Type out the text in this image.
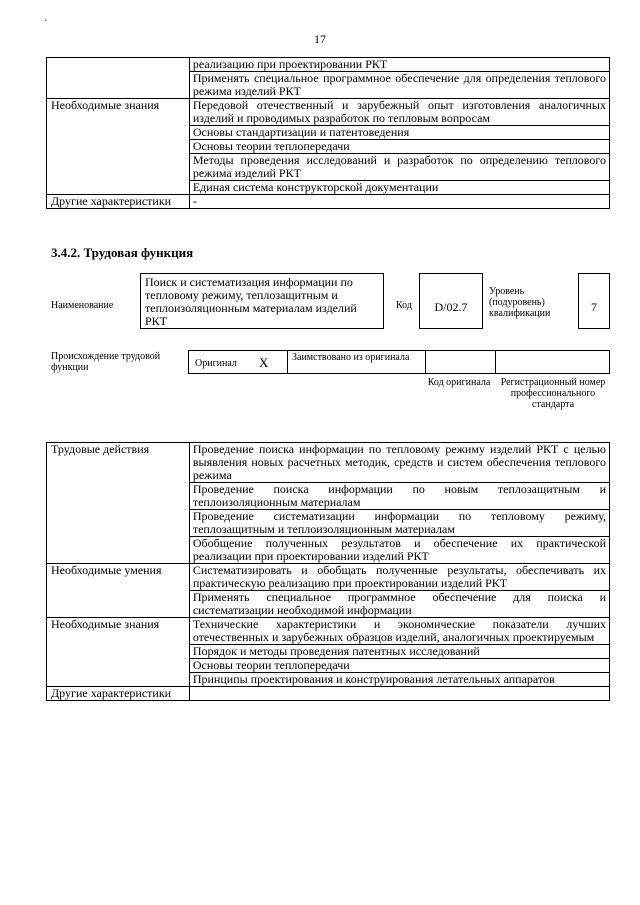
·
17
	реализацию при проектировании РКТ
	Применять специальное программное обеспечение для определения теплового режима изделий РКТ
Необходимые знания	Передовой отечественный и зарубежный опыт изготовления аналогичных изделий и проводимых разработок по тепловым вопросам
	Основы стандартизации и патентоведения
	Основы теории теплопередачи
	Методы проведения исследований и разработок по определению теплового режима изделий РКТ
	Единая система конструкторской документации
Другие характеристики	-
3.4.2. Трудовая функция
Наименование
Поиск и систематизация информации по тепловому режиму, теплозащитным и теплоизоляционным материалам изделий РКТ
Код	D/02.7
Уровень (подуровень) квалификации	7
Происхождение трудовой функции	Оригинал X Заимствовано из оригинала
Код оригинала	Регистрационный номер профессионального стандарта
Трудовые действия	Проведение поиска информации по тепловому режиму изделий РКТ с целью выявления новых расчетных методик, средств и систем обеспечения теплового режима
	Проведение поиска информации по новым теплозащитным и теплоизоляционным материалам
	Проведение систематизации информации по тепловому режиму, теплозащитным и теплоизоляционным материалам
	Обобщение полученных результатов и обеспечение их практической реализации при проектировании изделий РКТ
Необходимые умения	Систематизировать и обобщать полученные результаты, обеспечивать их практическую реализацию при проектировании изделий РКТ
	Применять специальное программное обеспечение для поиска и систематизации необходимой информации
Необходимые знания	Технические характеристики и экономические показатели лучших отечественных и зарубежных образцов изделий, аналогичных проектируемым
	Порядок и методы проведения патентных исследований
	Основы теории теплопередачи
	Принципы проектирования и конструирования летательных аппаратов
Другие характеристики	
